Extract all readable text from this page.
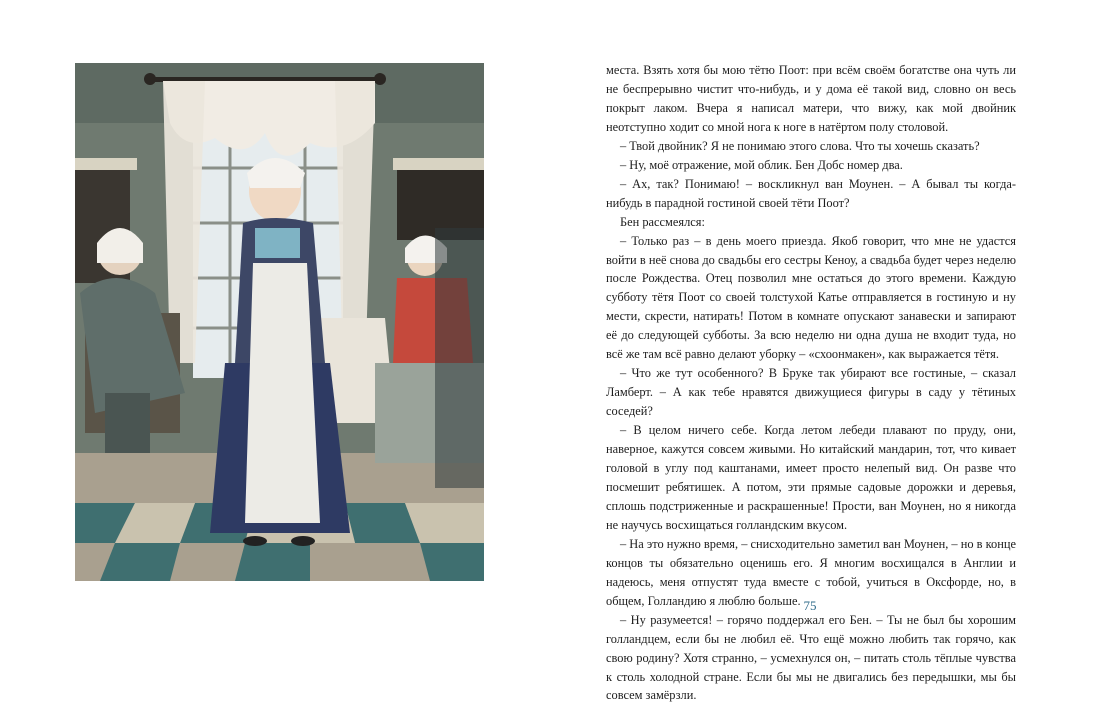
места. Взять хотя бы мою тётю Поот: при всём своём богатстве она чуть ли не беспрерывно чистит что-нибудь, и у дома её такой вид, словно он весь покрыт лаком. Вчера я написал матери, что вижу, как мой двойник неотступно ходит со мной нога к ноге в натёртом полу столовой.

– Твой двойник? Я не понимаю этого слова. Что ты хочешь сказать?

– Ну, моё отражение, мой облик. Бен Добс номер два.

– Ах, так? Понимаю! – воскликнул ван Моунен. – А бывал ты когда-нибудь в парадной гостиной своей тёти Поот?

Бен рассмеялся:

– Только раз – в день моего приезда. Якоб говорит, что мне не удастся войти в неё снова до свадьбы его сестры Кеноу, а свадьба будет через неделю после Рождества. Отец позволил мне остаться до этого времени. Каждую субботу тётя Поот со своей толстухой Катье отправляется в гостиную и ну мести, скрести, натирать! Потом в комнате опускают занавески и запирают её до следующей субботы. За всю неделю ни одна душа не входит туда, но всё же там всё равно делают уборку – «схоонмакен», как выражается тётя.

– Что же тут особенного? В Бруке так убирают все гостиные, – сказал Ламберт. – А как тебе нравятся движущиеся фигуры в саду у тётиных соседей?

– В целом ничего себе. Когда летом лебеди плавают по пруду, они, наверное, кажутся совсем живыми. Но китайский мандарин, тот, что кивает головой в углу под каштанами, имеет просто нелепый вид. Он разве что посмешит ребятишек. А потом, эти прямые садовые дорожки и деревья, сплошь подстриженные и раскрашенные! Прости, ван Моунен, но я никогда не научусь восхищаться голландским вкусом.

– На это нужно время, – снисходительно заметил ван Моунен, – но в конце концов ты обязательно оценишь его. Я многим восхищался в Англии и надеюсь, меня отпустят туда вместе с тобой, учиться в Оксфорде, но, в общем, Голландию я люблю больше.

– Ну разумеется! – горячо поддержал его Бен. – Ты не был бы хорошим голландцем, если бы не любил её. Что ещё можно любить так горячо, как свою родину? Хотя странно, – усмехнулся он, – питать столь тёплые чувства к столь холодной стране. Если бы мы не двигались без передышки, мы бы совсем замёрзли.

75
